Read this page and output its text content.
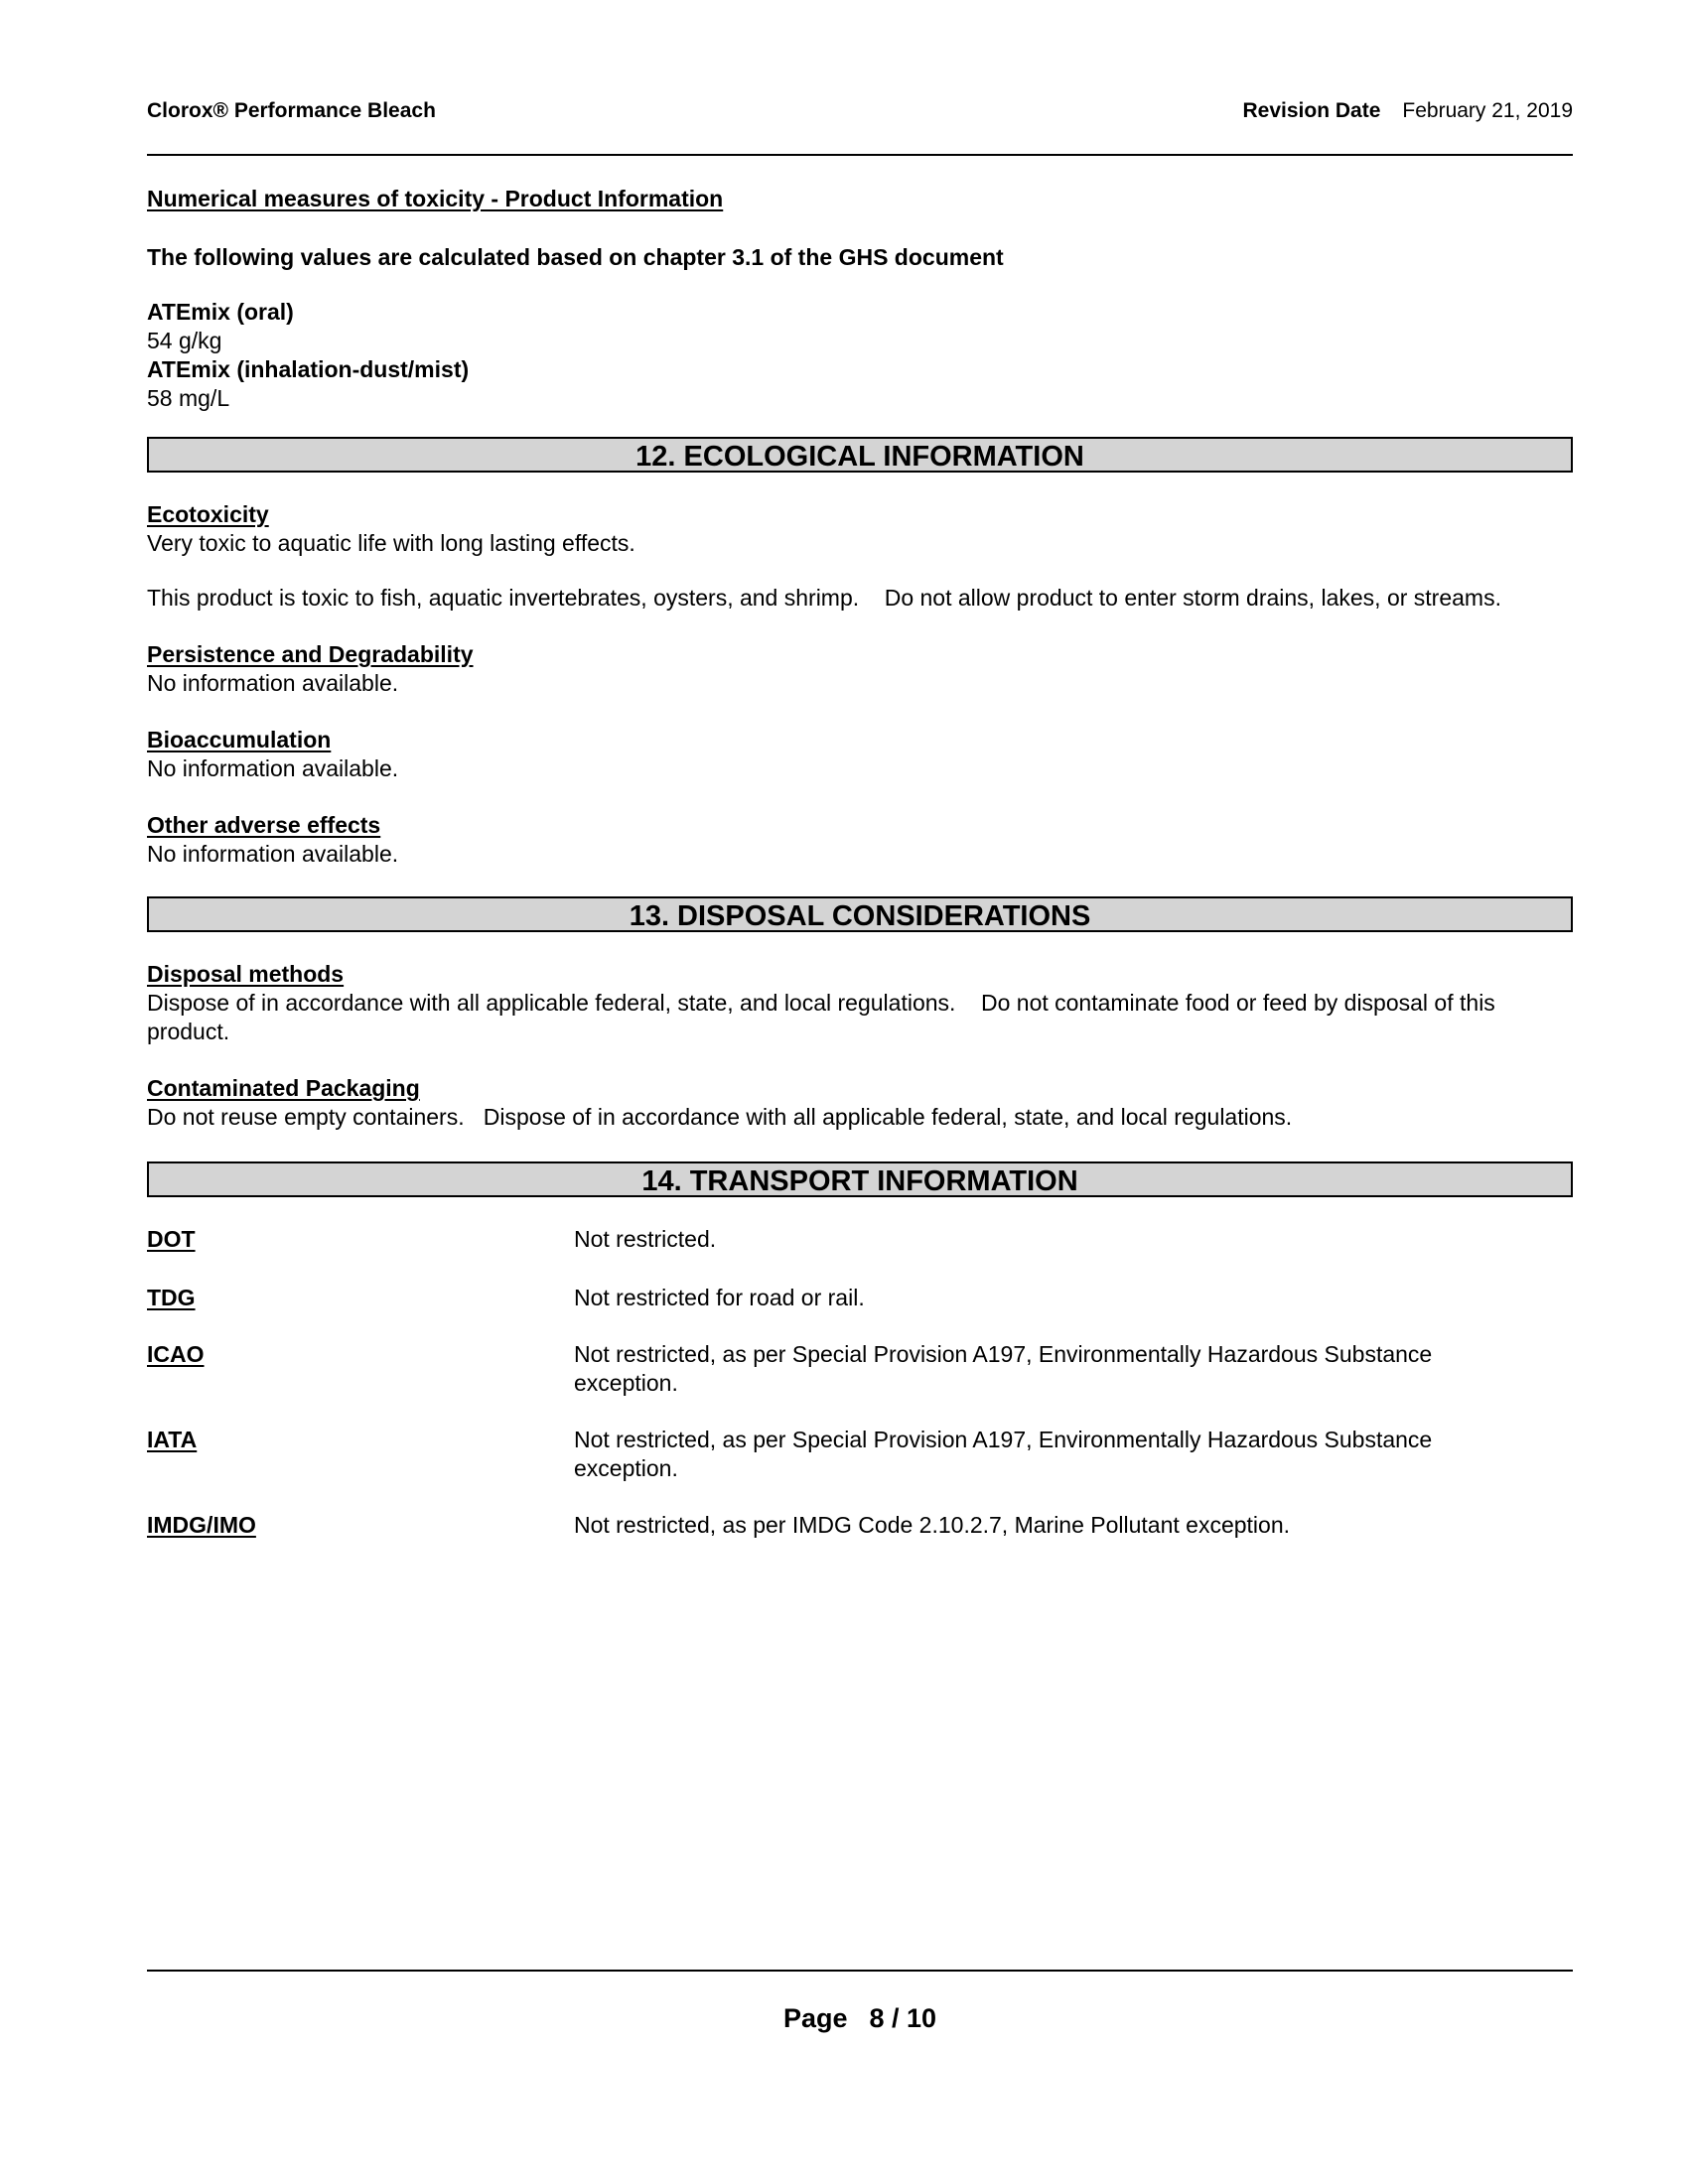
Clorox® Performance Bleach	Revision Date February 21, 2019
Numerical measures of toxicity - Product Information

The following values are calculated based on chapter 3.1 of the GHS document

ATEmix (oral)
54 g/kg
ATEmix (inhalation-dust/mist)
58 mg/L
12. ECOLOGICAL INFORMATION
Ecotoxicity
Very toxic to aquatic life with long lasting effects.
This product is toxic to fish, aquatic invertebrates, oysters, and shrimp.    Do not allow product to enter storm drains, lakes, or streams.
Persistence and Degradability
No information available.
Bioaccumulation
No information available.
Other adverse effects
No information available.
13. DISPOSAL CONSIDERATIONS
Disposal methods
Dispose of in accordance with all applicable federal, state, and local regulations.    Do not contaminate food or feed by disposal of this product.
Contaminated Packaging
Do not reuse empty containers.   Dispose of in accordance with all applicable federal, state, and local regulations.
14. TRANSPORT INFORMATION
DOT	Not restricted.
TDG	Not restricted for road or rail.
ICAO	Not restricted, as per Special Provision A197, Environmentally Hazardous Substance exception.
IATA	Not restricted, as per Special Provision A197, Environmentally Hazardous Substance exception.
IMDG/IMO	Not restricted, as per IMDG Code 2.10.2.7, Marine Pollutant exception.
Page 8 / 10
